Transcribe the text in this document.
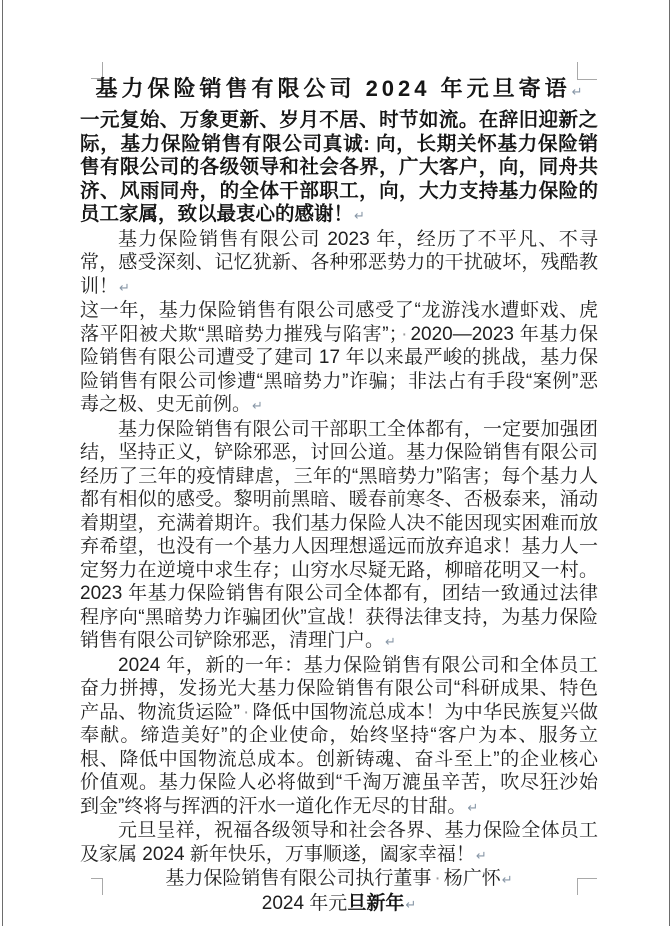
基力保险销售有限公司 2024 年元旦寄语↵

一元复始、万象更新、岁月不居、时节如流。在辞旧迎新之际，基力保险销售有限公司真诚: 向，长期关怀基力保险销售有限公司的各级领导和社会各界，广大客户，向，同舟共济、风雨同舟，的全体干部职工，向，大力支持基力保险的员工家属，致以最衷心的感谢！↵

基力保险销售有限公司 2023 年，经历了不平凡、不寻常，感受深刻、记忆犹新、各种邪恶势力的干扰破坏，残酷教训！↵
这一年，基力保险销售有限公司感受了“龙游浅水遭虾戏、虎落平阳被犬欺“黑暗势力摧残与陷害”； · 2020—2023 年基力保险销售有限公司遭受了建司 17 年以来最严峻的挑战，基力保险销售有限公司惨遭“黑暗势力”诈骗；非法占有手段“案例”恶毒之极、史无前例。↵

基力保险销售有限公司干部职工全体都有，一定要加强团结，坚持正义，铲除邪恶，讨回公道。基力保险销售有限公司经历了三年的疫情肆虐，三年的“黑暗势力”陷害；每个基力人都有相似的感受。黎明前黑暗、暖春前寒冬、否极泰来，涌动着期望，充满着期许。我们基力保险人决不能因现实困难而放弃希望，也没有一个基力人因理想遥远而放弃追求！基力人一定努力在逆境中求生存；山穷水尽疑无路，柳暗花明又一村。2023 年基力保险销售有限公司全体都有，团结一致通过法律程序向“黑暗势力诈骗团伙”宣战！获得法律支持，为基力保险销售有限公司铲除邪恶，清理门户。↵

2024 年，新的一年：基力保险销售有限公司和全体员工奋力拼搏，发扬光大基力保险销售有限公司“科研成果、特色产品、物流货运险” · 降低中国物流总成本！为中华民族复兴做奉献。缔造美好”的企业使命，始终坚持“客户为本、服务立根、降低中国物流总成本。创新铸魂、奋斗至上”的企业核心价值观。基力保险人必将做到“千淘万漉虽辛苦，吹尽狂沙始到金”终将与挥洒的汗水一道化作无尽的甘甜。↵

元旦呈祥，祝福各级领导和社会各界、基力保险全体员工及家属 2024 新年快乐，万事顺遂，阖家幸福！↵

基力保险销售有限公司执行董事 · 杨广怀↵

2024 年元旦新年↵
